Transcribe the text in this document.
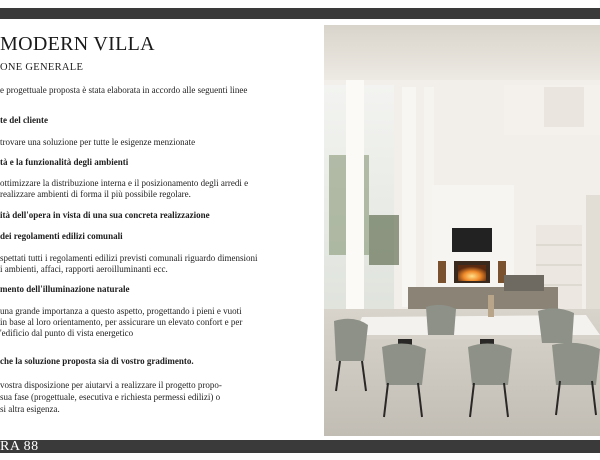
MODERN VILLA
ONE GENERALE
e progettuale proposta è stata elaborata in accordo alle seguenti linee
te del cliente
trovare una soluzione per tutte le esigenze menzionate
tà e la funzionalità degli ambienti
ottimizzare la distribuzione interna e il posizionamento degli arredi e
realizzare ambienti di forma il più possibile regolare.
ità dell'opera in vista di una sua concreta realizzazione
dei regolamenti edilizi comunali
spettati tutti i regolamenti edilizi previsti comunali riguardo dimensioni
i ambienti, affaci, rapporti aeroilluminanti ecc.
mento dell'illuminazione naturale
una grande importanza a questo aspetto, progettando i pieni e vuoti
in base al loro orientamento, per assicurare un elevato confort e per
'edificio dal punto di vista energetico
che la soluzione proposta sia di vostro gradimento.
vostra disposizione per aiutarvi a realizzare il progetto propo-
sua fase (progettuale, esecutiva e richiesta permessi edilizi) o
si altra esigenza.
RA 88
